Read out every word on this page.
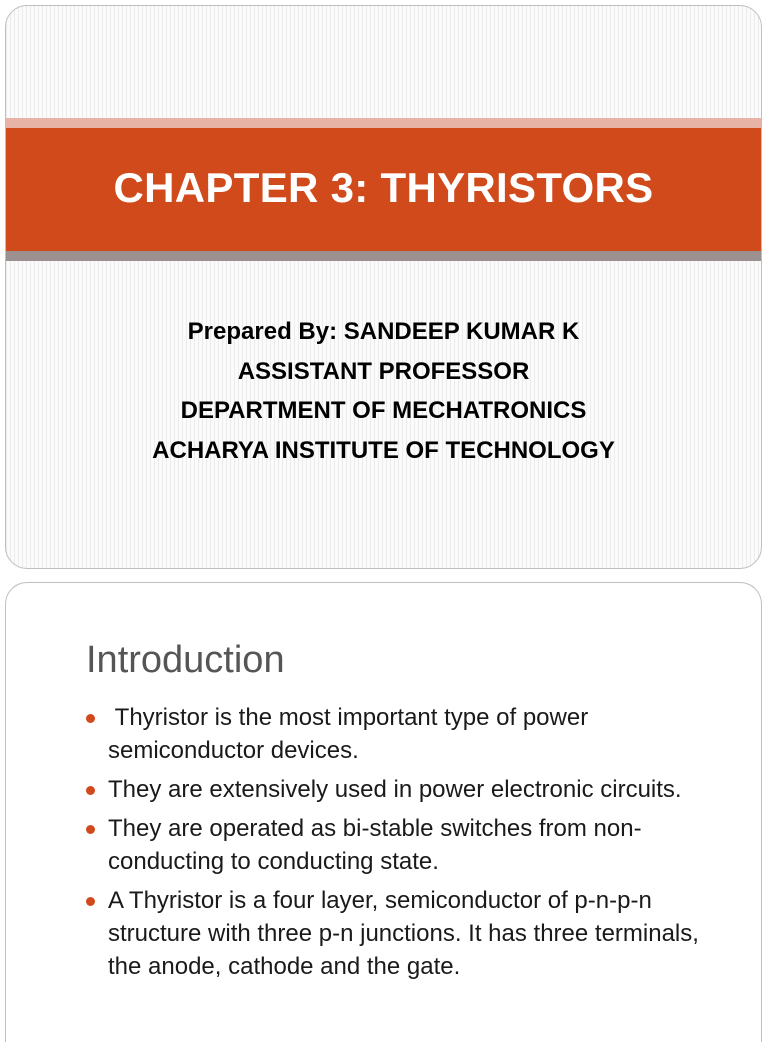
CHAPTER 3: THYRISTORS
Prepared By: SANDEEP KUMAR K
ASSISTANT PROFESSOR
DEPARTMENT OF MECHATRONICS
ACHARYA INSTITUTE OF TECHNOLOGY
Introduction
Thyristor is the most important type of power semiconductor devices.
They are extensively used in power electronic circuits.
They are operated as bi-stable switches from non-conducting to conducting state.
A Thyristor is a four layer, semiconductor of p-n-p-n structure with three p-n junctions. It has three terminals, the anode, cathode and the gate.
